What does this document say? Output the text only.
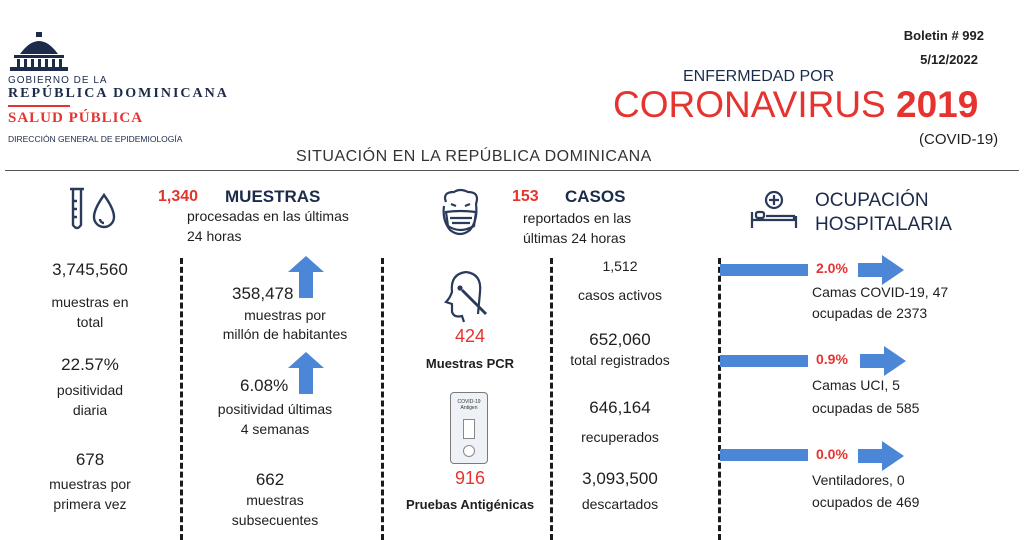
GOBIERNO DE LA
REPÚBLICA DOMINICANA
SALUD PÚBLICA
DIRECCIÓN GENERAL DE EPIDEMIOLOGÍA
Boletin # 992
5/12/2022
ENFERMEDAD POR
CORONAVIRUS 2019
(COVID-19)
SITUACIÓN EN LA REPÚBLICA DOMINICANA
1,340 MUESTRAS
procesadas en las últimas
24 horas
3,745,560
muestras en
total
22.57%
positividad
diaria
678
muestras por
primera vez
358,478
muestras por
millón de habitantes
6.08%
positividad últimas
4 semanas
662
muestras
subsecuentes
424
Muestras PCR
COVID-19
Antigen
916
Pruebas Antigénicas
153 CASOS
reportados en las
últimas 24 horas
1,512
casos activos
652,060
total registrados
646,164
recuperados
3,093,500
descartados
OCUPACIÓN
HOSPITALARIA
2.0%
Camas COVID-19, 47
ocupadas de 2373
0.9%
Camas UCI, 5
ocupadas de 585
0.0%
Ventiladores, 0
ocupados de 469
